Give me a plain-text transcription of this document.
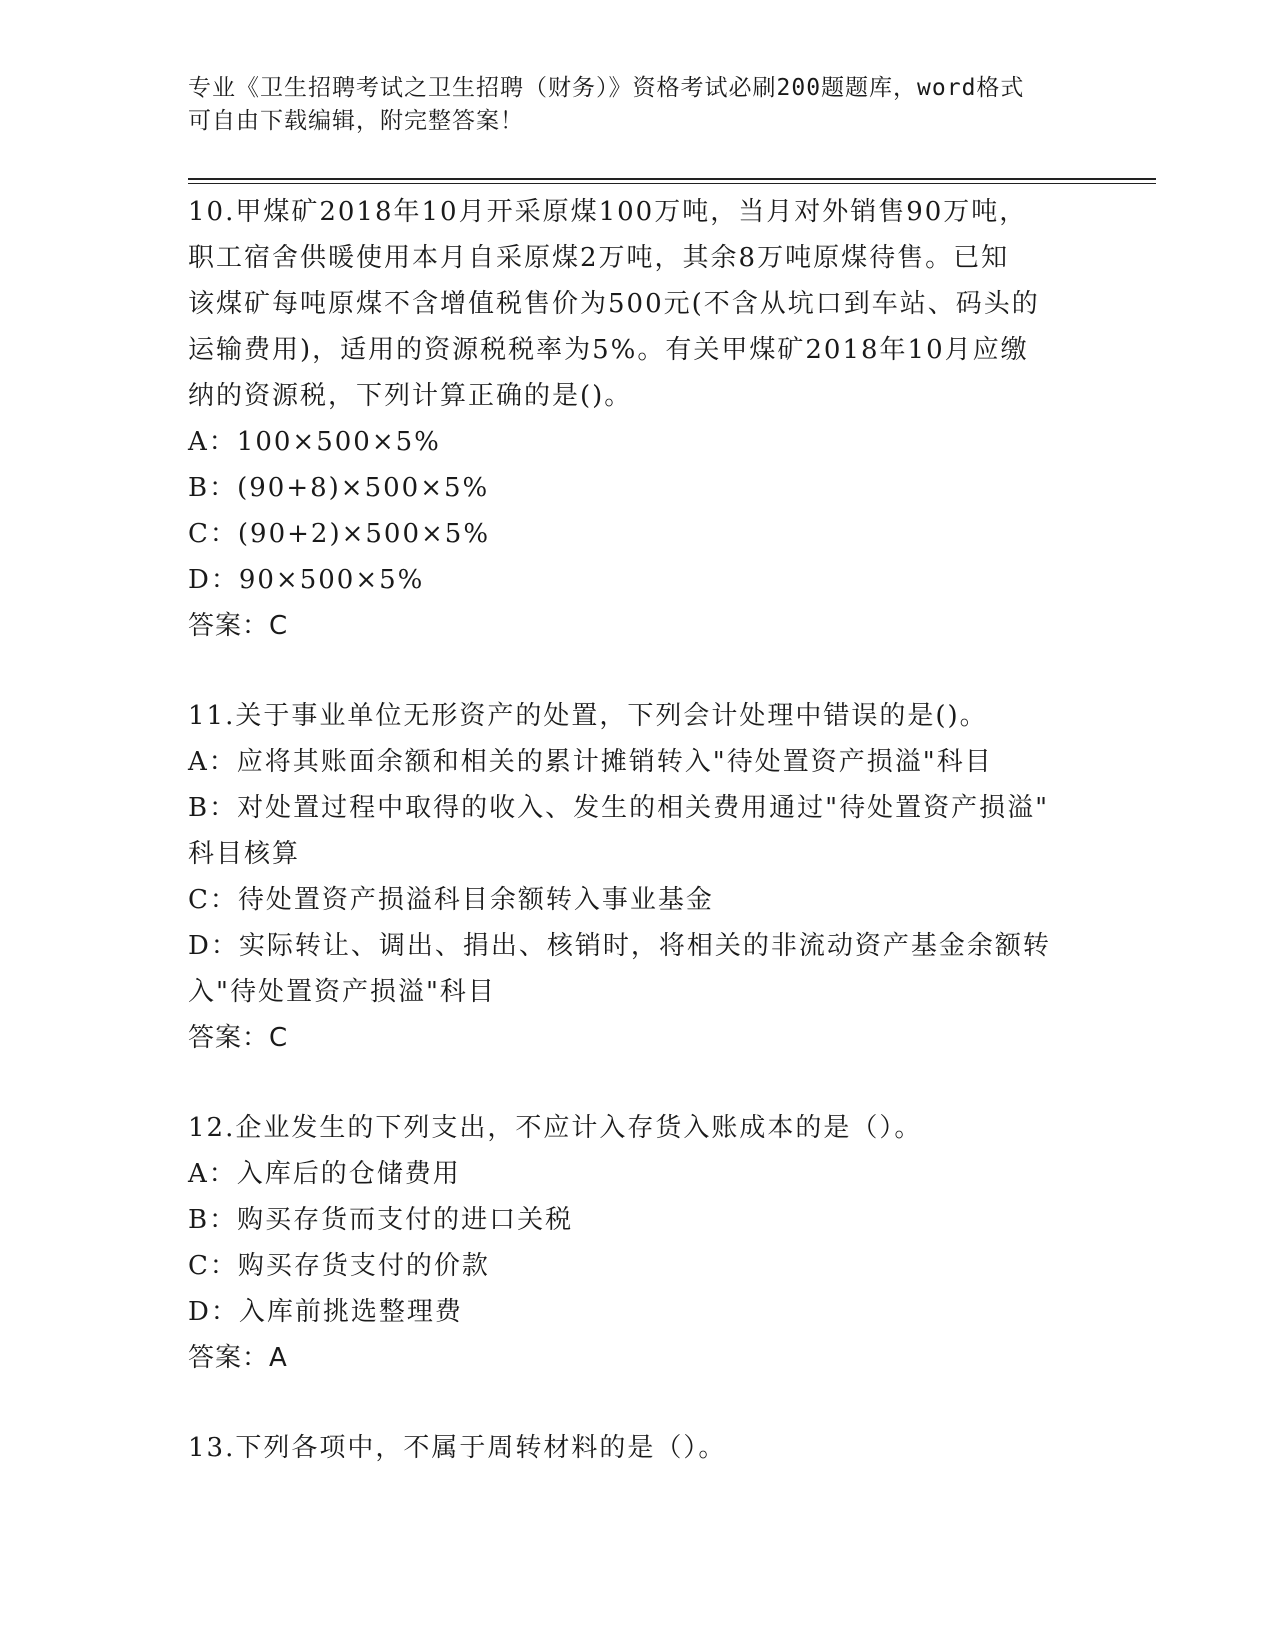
专业《卫生招聘考试之卫生招聘（财务）》资格考试必刷200题题库，word格式
可自由下载编辑，附完整答案！

10.甲煤矿2018年10月开采原煤100万吨，当月对外销售90万吨，

职工宿舍供暖使用本月自采原煤2万吨，其余8万吨原煤待售。已知

该煤矿每吨原煤不含增值税售价为500元(不含从坑口到车站、码头的

运输费用)，适用的资源税税率为5%。有关甲煤矿2018年10月应缴

纳的资源税，下列计算正确的是()。

A：100×500×5%

B：(90+8)×500×5%

C：(90+2)×500×5%

D：90×500×5%

答案：C

11.关于事业单位无形资产的处置，下列会计处理中错误的是()。

A：应将其账面余额和相关的累计摊销转入"待处置资产损溢"科目

B：对处置过程中取得的收入、发生的相关费用通过"待处置资产损溢"

科目核算

C：待处置资产损溢科目余额转入事业基金

D：实际转让、调出、捐出、核销时，将相关的非流动资产基金余额转

入"待处置资产损溢"科目

答案：C

12.企业发生的下列支出，不应计入存货入账成本的是（）。

A：入库后的仓储费用

B：购买存货而支付的进口关税

C：购买存货支付的价款

D：入库前挑选整理费

答案：A

13.下列各项中，不属于周转材料的是（）。
